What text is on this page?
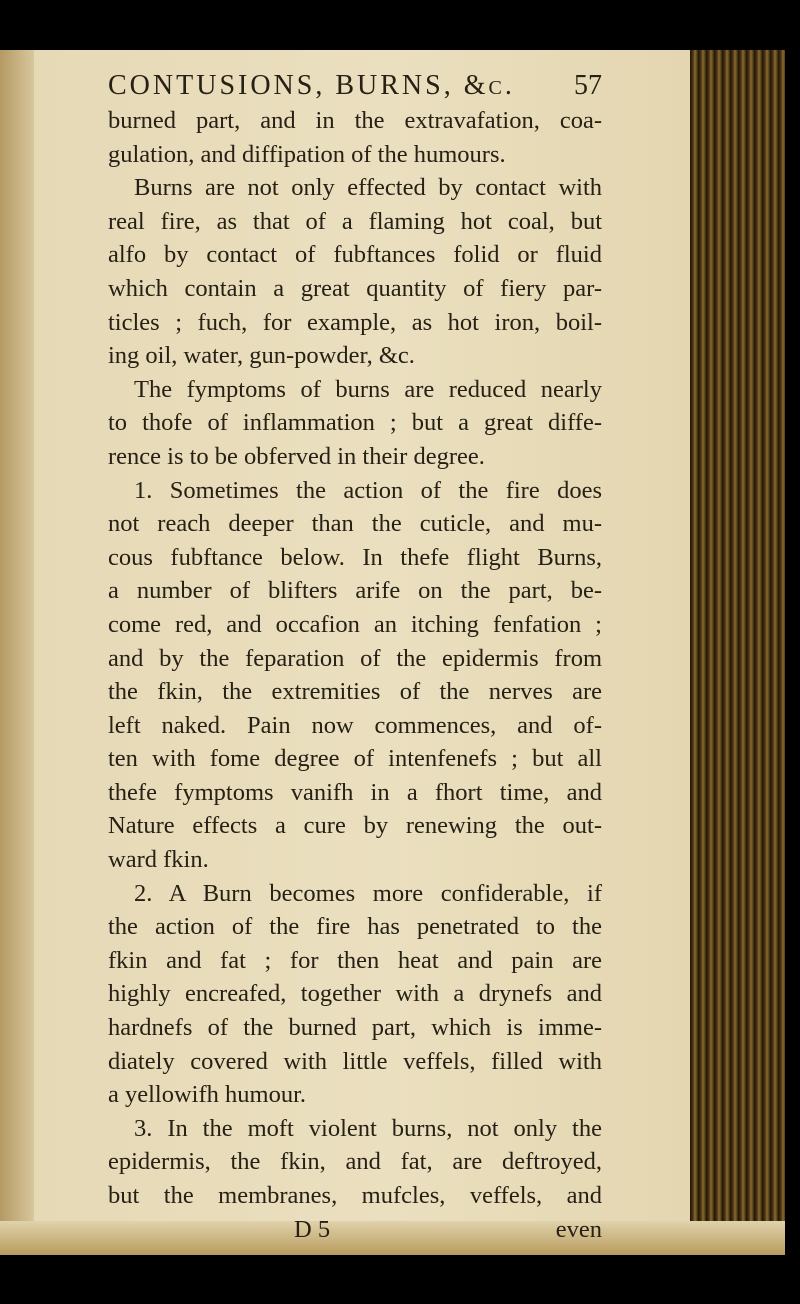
CONTUSIONS, BURNS, &c. 57
burned part, and in the extravafation, coa-
gulation, and diffipation of the humours.
Burns are not only effected by contact with
real fire, as that of a flaming hot coal, but
alfo by contact of fubftances folid or fluid
which contain a great quantity of fiery par-
ticles ; fuch, for example, as hot iron, boil-
ing oil, water, gun-powder, &c.
The fymptoms of burns are reduced nearly
to thofe of inflammation ; but a great diffe-
rence is to be obferved in their degree.
1. Sometimes the action of the fire does
not reach deeper than the cuticle, and mu-
cous fubftance below. In thefe flight Burns,
a number of blifters arife on the part, be-
come red, and occafion an itching fenfation ;
and by the feparation of the epidermis from
the fkin, the extremities of the nerves are
left naked. Pain now commences, and of-
ten with fome degree of intenfenefs ; but all
thefe fymptoms vanifh in a fhort time, and
Nature effects a cure by renewing the out-
ward fkin.
2. A Burn becomes more confiderable, if
the action of the fire has penetrated to the
fkin and fat ; for then heat and pain are
highly encreafed, together with a drynefs and
hardnefs of the burned part, which is imme-
diately covered with little veffels, filled with
a yellowifh humour.
3. In the moft violent burns, not only the
epidermis, the fkin, and fat, are deftroyed,
but the membranes, mufcles, veffels, and
D 5	even
